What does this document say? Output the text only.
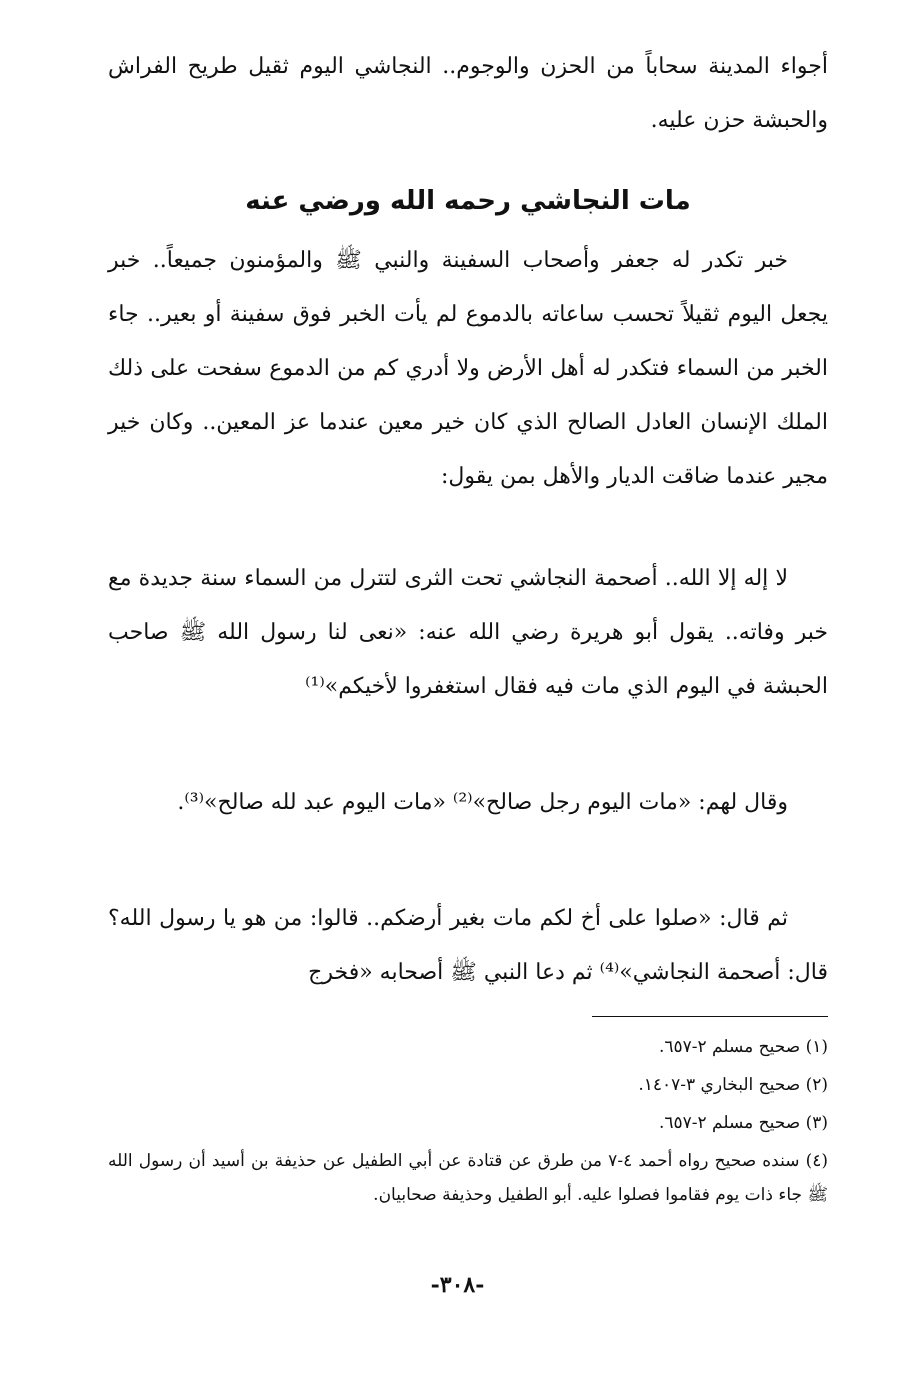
أجواء المدينة سحاباً من الحزن والوجوم.. النجاشي اليوم ثقيل طريح الفراش والحبشة حزن عليه.
مات النجاشي رحمه الله ورضي عنه
خبر تكدر له جعفر وأصحاب السفينة والنبي ﷺ والمؤمنون جميعاً.. خبر يجعل اليوم ثقيلاً تحسب ساعاته بالدموع لم يأت الخبر فوق سفينة أو بعير.. جاء الخبر من السماء فتكدر له أهل الأرض ولا أدري كم من الدموع سفحت على ذلك الملك الإنسان العادل الصالح الذي كان خير معين عندما عز المعين.. وكان خير مجير عندما ضاقت الديار والأهل بمن يقول:
لا إله إلا الله.. أصحمة النجاشي تحت الثرى لتترل من السماء سنة جديدة مع خبر وفاته.. يقول أبو هريرة رضي الله عنه: «نعى لنا رسول الله ﷺ صاحب الحبشة في اليوم الذي مات فيه فقال استغفروا لأخيكم»⁽¹⁾
وقال لهم: «مات اليوم رجل صالح»⁽²⁾ «مات اليوم عبد لله صالح»⁽³⁾.
ثم قال: «صلوا على أخ لكم مات بغير أرضكم.. قالوا: من هو يا رسول الله؟ قال: أصحمة النجاشي»⁽⁴⁾ ثم دعا النبي ﷺ أصحابه «فخرج
(١) صحيح مسلم ٢-٦٥٧.
(٢) صحيح البخاري ٣-١٤٠٧.
(٣) صحيح مسلم ٢-٦٥٧.
(٤) سنده صحيح رواه أحمد ٤-٧ من طرق عن قتادة عن أبي الطفيل عن حذيفة بن أسيد أن رسول الله ﷺ جاء ذات يوم فقاموا فصلوا عليه. أبو الطفيل وحذيفة صحابيان.
-٣٠٨-
